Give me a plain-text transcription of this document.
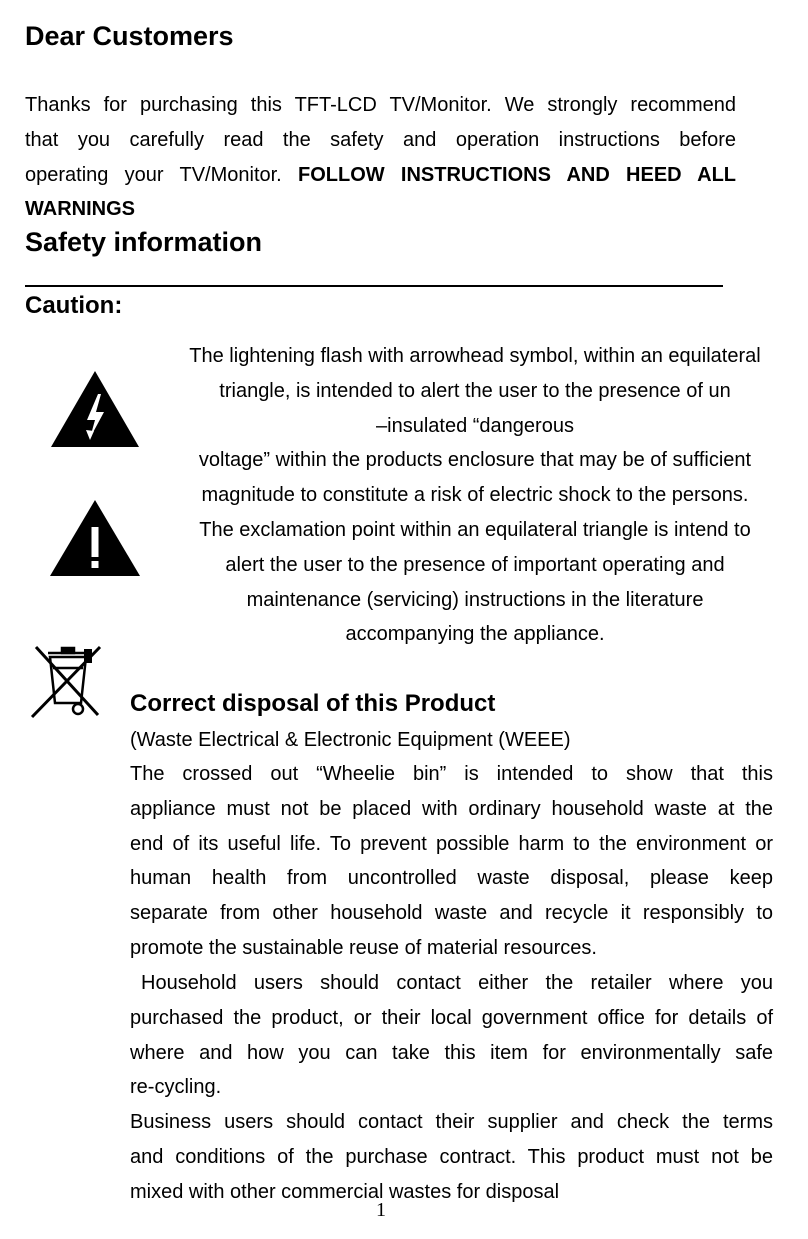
Dear Customers
Thanks for purchasing this TFT-LCD TV/Monitor. We strongly recommend
that you carefully read the safety and operation instructions before
operating your TV/Monitor. FOLLOW INSTRUCTIONS AND HEED ALL
WARNINGS
Safety information
Caution:
The lightening flash with arrowhead symbol, within an equilateral
triangle, is intended to alert the user to the presence of un
–insulated “dangerous
voltage” within the products enclosure that may be of sufficient
magnitude to constitute a risk of electric shock to the persons.
The exclamation point within an equilateral triangle is intend to
alert the user to the presence of important operating and
maintenance (servicing) instructions in the literature
accompanying the appliance.
Correct disposal of this Product
(Waste Electrical & Electronic Equipment (WEEE)
The crossed out “Wheelie bin” is intended to show that this
appliance must not be placed with ordinary household waste at the
end of its useful life. To prevent possible harm to the environment or
human health from uncontrolled waste disposal, please keep
separate from other household waste and recycle it responsibly to
promote the sustainable reuse of material resources.
Household users should contact either the retailer where you
purchased the product, or their local government office for details of
where and how you can take this item for environmentally safe
re-cycling.
Business users should contact their supplier and check the terms
and conditions of the purchase contract. This product must not be
mixed with other commercial wastes for disposal
1
